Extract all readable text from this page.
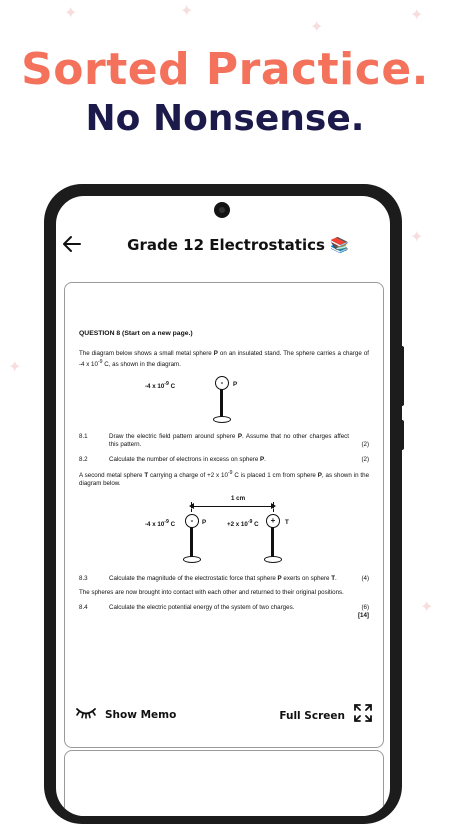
✦	✦
✦
✦
✦
✦
✦
Sorted Practice.
No Nonsense.
Grade 12 Electrostatics 📚
QUESTION 8 (Start on a new page.)
The diagram below shows a small metal sphere P on an insulated stand. The sphere carries a charge of -4 x $10^{-9}$ C, as shown in the diagram.
-4 x $10^{-9}$ C	-	P
8.1	Draw the electric field pattern around sphere P. Assume that no other charges affect this pattern.	(2)
8.2	Calculate the number of electrons in excess on sphere P.	(2)
A second metal sphere T carrying a charge of +2 x $10^{-9}$ C is placed 1 cm from sphere P, as shown in the diagram below.
1 cm
-4 x $10^{-9}$ C	-	P	+2 x $10^{-9}$ C	+	T
8.3	Calculate the magnitude of the electrostatic force that sphere P exerts on sphere T.	(4)
The spheres are now brought into contact with each other and returned to their original positions.
8.4	Calculate the electric potential energy of the system of two charges.	(6)
[14]
Show Memo	Full Screen
